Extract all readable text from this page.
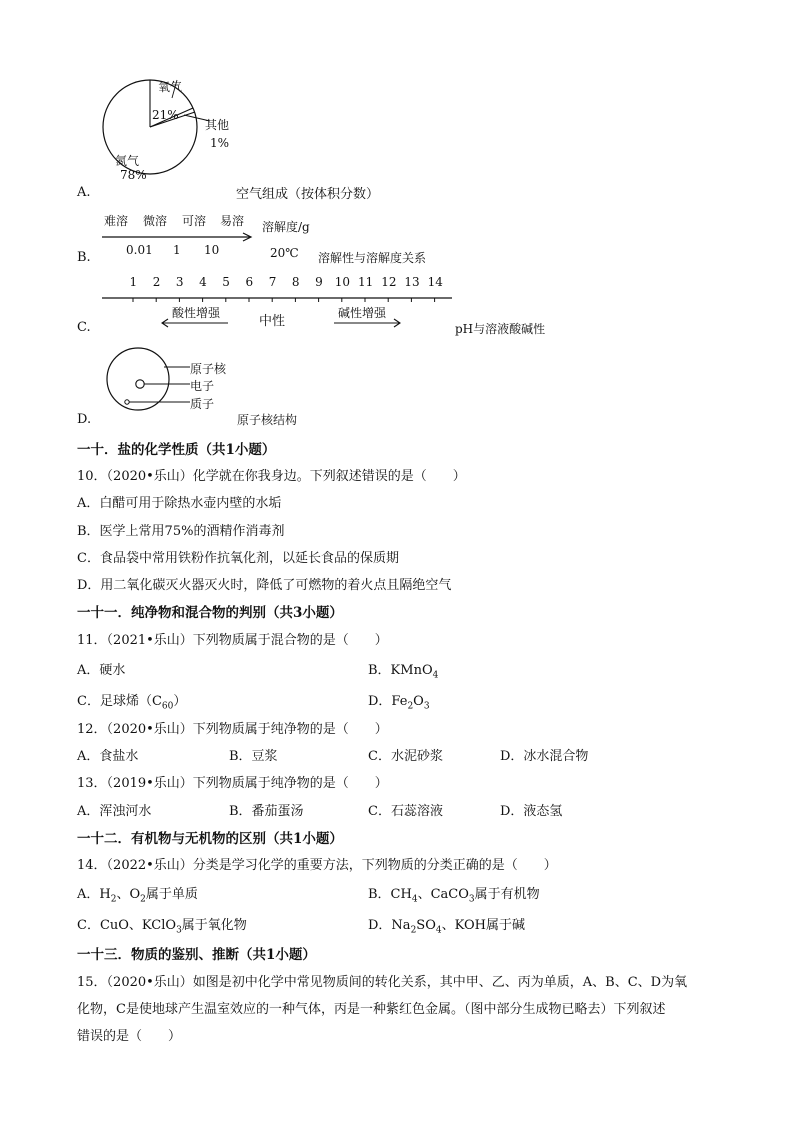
A.
氧气
21%
其他
1%
氮气
78%
空气组成（按体积分数）
B.
难溶 微溶 可溶 易溶 溶解度/g
0.01 1 10	20℃ 溶解性与溶解度关系
C.
1 2 3 4 5 6 7 8 9 10 11 12 13 14
酸性增强
中性
碱性增强
pH与溶液酸碱性
D.
原子核
电子
质子
原子核结构
一十．盐的化学性质（共1小题）
10．（2020•乐山）化学就在你我身边。下列叙述错误的是（　　）
A．白醋可用于除热水壶内壁的水垢
B．医学上常用75%的酒精作消毒剂
C．食品袋中常用铁粉作抗氧化剂，以延长食品的保质期
D．用二氧化碳灭火器灭火时，降低了可燃物的着火点且隔绝空气
一十一．纯净物和混合物的判别（共3小题）
11．（2021•乐山）下列物质属于混合物的是（　　）
A．硬水	B．KMnO$_4$
C．足球烯$(C_{60})$	D．$Fe_2O_3$
12．（2020•乐山）下列物质属于纯净物的是（　　）
A．食盐水	B．豆浆	C．水泥砂浆	D．冰水混合物
13．（2019•乐山）下列物质属于纯净物的是（　　）
A．浑浊河水	B．番茄蛋汤	C．石蕊溶液	D．液态氢
一十二．有机物与无机物的区别（共1小题）
14．（2022•乐山）分类是学习化学的重要方法，下列物质的分类正确的是（　　）
A．$H_2$、$O_2$属于单质	B．$CH_4$、CaCO$_3$属于有机物
C．CuO、KClO$_3$属于氧化物	D．$Na_2SO_4$、KOH属于碱
一十三．物质的鉴别、推断（共1小题）
15．（2020•乐山）如图是初中化学中常见物质间的转化关系，其中甲、乙、丙为单质，A、B、C、D为氧
化物，C是使地球产生温室效应的一种气体，丙是一种紫红色金属。（图中部分生成物已略去）下列叙述
错误的是（　　）
